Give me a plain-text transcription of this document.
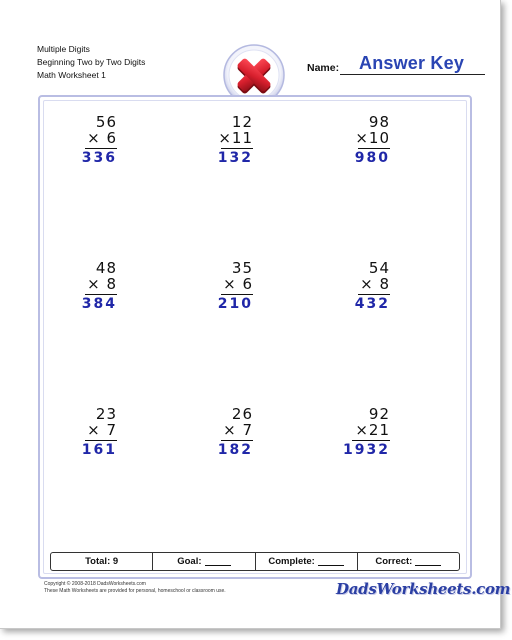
Multiple Digits
Beginning Two by Two Digits
Math Worksheet 1
Name: Answer Key
56
× 6
336
12
×11
132
98
×10
980
48
× 8
384
35
× 6
210
54
× 8
432
23
× 7
161
26
× 7
182
92
×21
1932
Total: 9	Goal:	Complete:	Correct:
Copyright © 2008-2018 DadsWorksheets.com
These Math Worksheets are provided for personal, homeschool or classroom use.	DadsWorksheets.com
